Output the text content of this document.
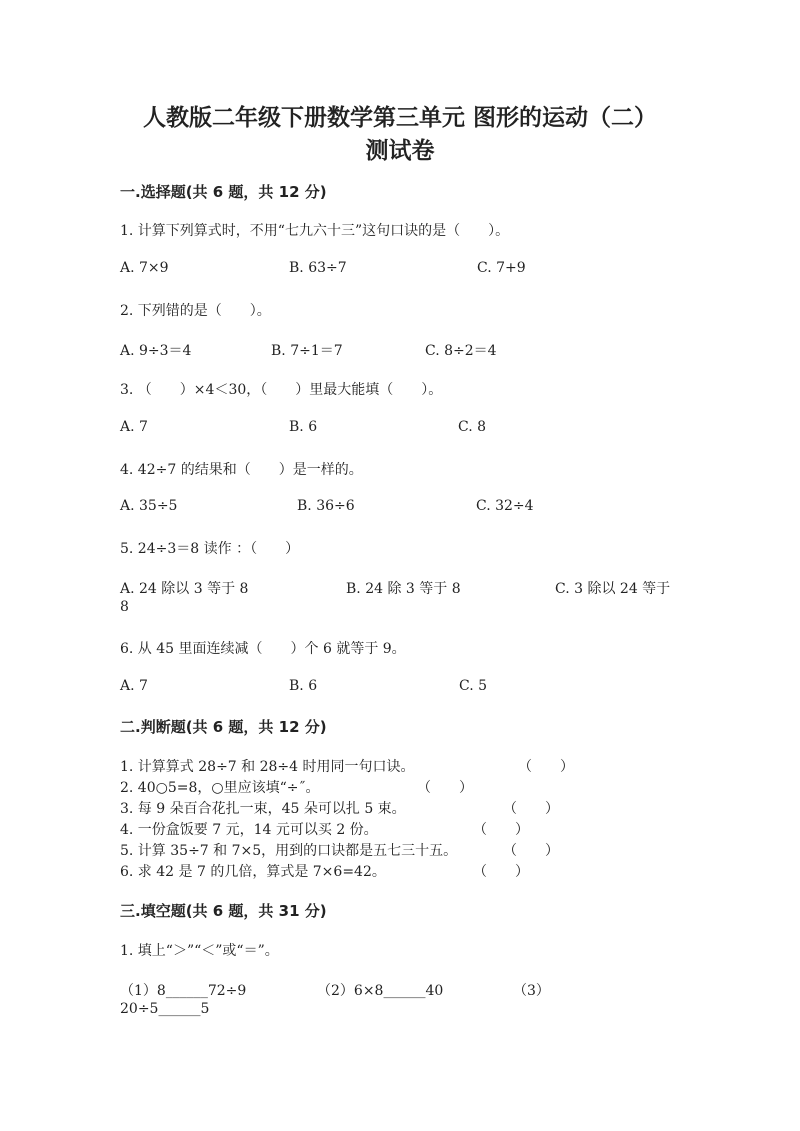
人教版二年级下册数学第三单元 图形的运动（二）
测试卷
一.选择题(共 6 题，共 12 分)
1. 计算下列算式时，不用“七九六十三”这句口诀的是（　　）。
A. 7×9	B. 63÷7	C. 7+9
2. 下列错的是（　　）。
A. 9÷3＝4	B. 7÷1＝7	C. 8÷2＝4
3. （　　）×4＜30，（　　）里最大能填（　　）。
A. 7	B. 6	C. 8
4. 42÷7 的结果和（　　）是一样的。
A. 35÷5	B. 36÷6	C. 32÷4
5. 24÷3＝8 读作 ：（　　）
A. 24 除以 3 等于 8	B. 24 除 3 等于 8	C. 3 除以 24 等于
8
6. 从 45 里面连续减（　　）个 6 就等于 9。
A. 7	B. 6	C. 5
二.判断题(共 6 题，共 12 分)
1. 计算算式 28÷7 和 28÷4 时用同一句口诀。	（　　）
2. 40○5=8，○里应该填“÷˝。	（　　）
3. 每 9 朵百合花扎一束，45 朵可以扎 5 束。	（　　）
4. 一份盒饭要 7 元，14 元可以买 2 份。	（　　）
5. 计算 35÷7 和 7×5，用到的口诀都是五七三十五。	（　　）
6. 求 42 是 7 的几倍，算式是 7×6=42。	（　　）
三.填空题(共 6 题，共 31 分)
1. 填上“＞”“＜”或“＝”。
（1）8______72÷9	（2）6×8______40	（3）
20÷5______5
